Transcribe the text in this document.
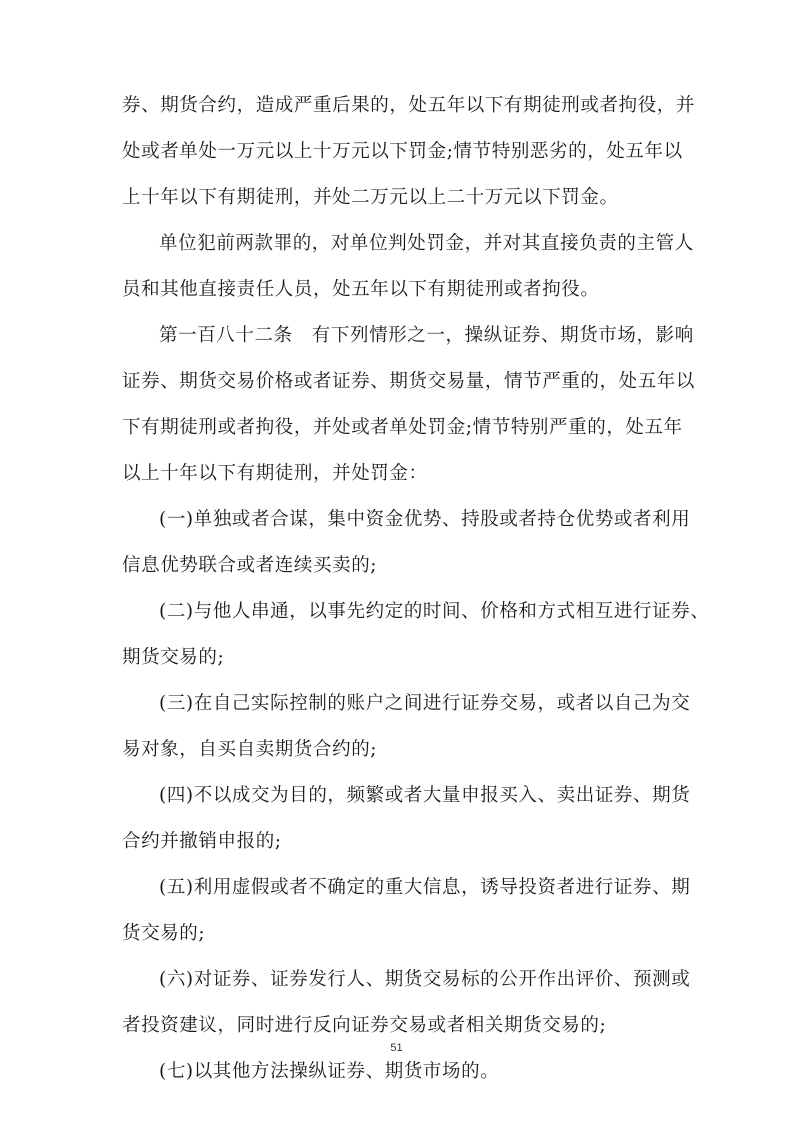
券、期货合约，造成严重后果的，处五年以下有期徒刑或者拘役，并
处或者单处一万元以上十万元以下罚金;情节特别恶劣的，处五年以
上十年以下有期徒刑，并处二万元以上二十万元以下罚金。
单位犯前两款罪的，对单位判处罚金，并对其直接负责的主管人
员和其他直接责任人员，处五年以下有期徒刑或者拘役。
第一百八十二条　有下列情形之一，操纵证券、期货市场，影响
证券、期货交易价格或者证券、期货交易量，情节严重的，处五年以
下有期徒刑或者拘役，并处或者单处罚金;情节特别严重的，处五年
以上十年以下有期徒刑，并处罚金：
(一)单独或者合谋，集中资金优势、持股或者持仓优势或者利用
信息优势联合或者连续买卖的;
(二)与他人串通，以事先约定的时间、价格和方式相互进行证券、
期货交易的;
(三)在自己实际控制的账户之间进行证券交易，或者以自己为交
易对象，自买自卖期货合约的;
(四)不以成交为目的，频繁或者大量申报买入、卖出证券、期货
合约并撤销申报的;
(五)利用虚假或者不确定的重大信息，诱导投资者进行证券、期
货交易的;
(六)对证券、证券发行人、期货交易标的公开作出评价、预测或
者投资建议，同时进行反向证券交易或者相关期货交易的;
(七)以其他方法操纵证券、期货市场的。
51
